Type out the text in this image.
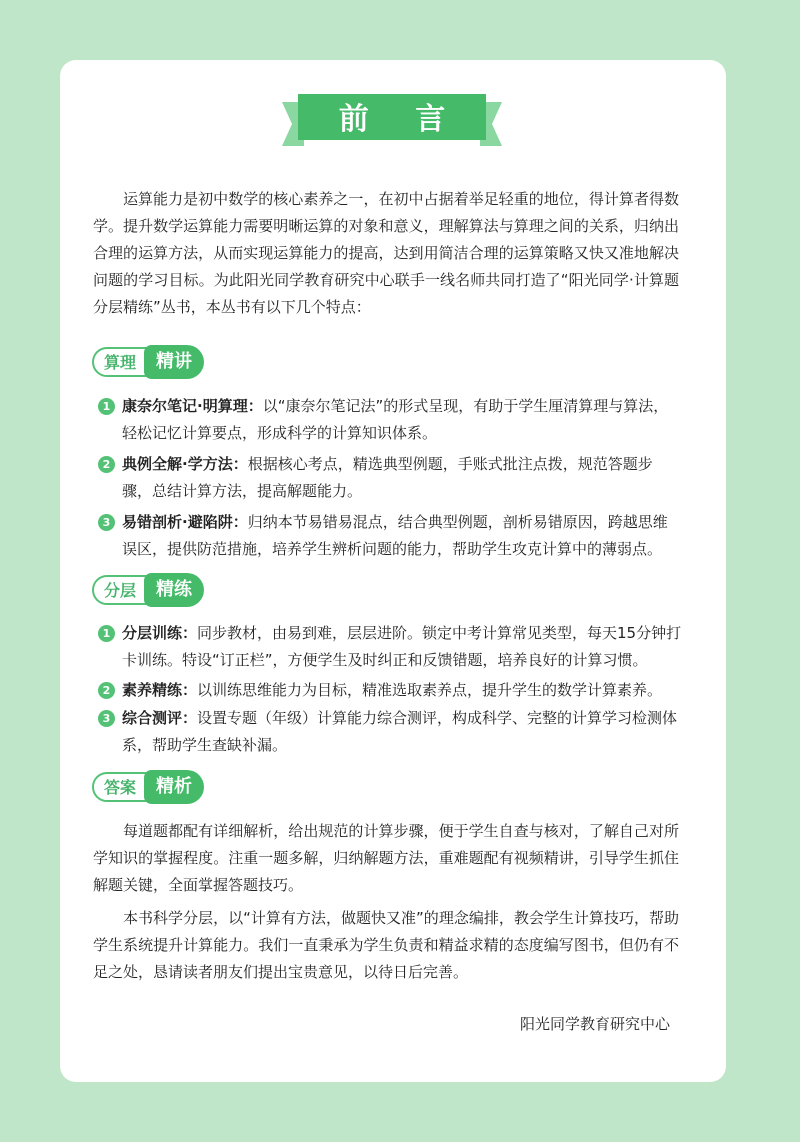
前 言

运算能力是初中数学的核心素养之一，在初中占据着举足轻重的地位，得计算者得数学。提升数学运算能力需要明晰运算的对象和意义，理解算法与算理之间的关系，归纳出合理的运算方法，从而实现运算能力的提高，达到用简洁合理的运算策略又快又准地解决问题的学习目标。为此阳光同学教育研究中心联手一线名师共同打造了“阳光同学·计算题分层精练”丛书，本丛书有以下几个特点：

算理	精讲

1 康奈尔笔记·明算理：以“康奈尔笔记法”的形式呈现，有助于学生厘清算理与算法，轻松记忆计算要点，形成科学的计算知识体系。

2 典例全解·学方法：根据核心考点，精选典型例题，手账式批注点拨，规范答题步骤，总结计算方法，提高解题能力。

3 易错剖析·避陷阱：归纳本节易错易混点，结合典型例题，剖析易错原因，跨越思维误区，提供防范措施，培养学生辨析问题的能力，帮助学生攻克计算中的薄弱点。

分层	精练

1 分层训练：同步教材，由易到难，层层进阶。锁定中考计算常见类型，每天15分钟打卡训练。特设“订正栏”，方便学生及时纠正和反馈错题，培养良好的计算习惯。

2 素养精练：以训练思维能力为目标，精准选取素养点，提升学生的数学计算素养。

3 综合测评：设置专题（年级）计算能力综合测评，构成科学、完整的计算学习检测体系，帮助学生查缺补漏。

答案	精析

每道题都配有详细解析，给出规范的计算步骤，便于学生自查与核对，了解自己对所学知识的掌握程度。注重一题多解，归纳解题方法，重难题配有视频精讲，引导学生抓住解题关键，全面掌握答题技巧。

本书科学分层，以“计算有方法，做题快又准”的理念编排，教会学生计算技巧，帮助学生系统提升计算能力。我们一直秉承为学生负责和精益求精的态度编写图书，但仍有不足之处，恳请读者朋友们提出宝贵意见，以待日后完善。

阳光同学教育研究中心
